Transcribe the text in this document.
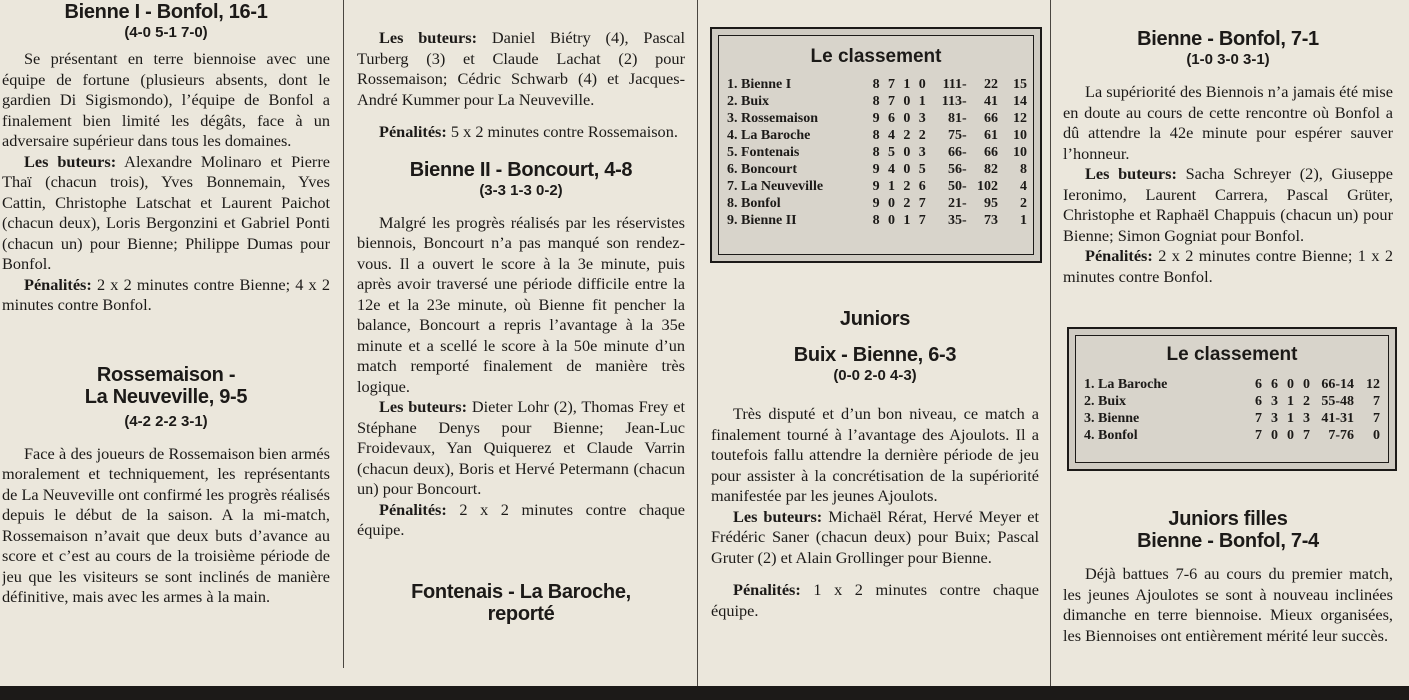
Bienne I - Bonfol, 16-1
(4-0 5-1 7-0)

Se présentant en terre biennoise avec une équipe de fortune (plusieurs absents, dont le gardien Di Sigismondo), l’équipe de Bonfol a finalement bien limité les dégâts, face à un adversaire supérieur dans tous les domaines.

Les buteurs: Alexandre Molinaro et Pierre Thaï (chacun trois), Yves Bonnemain, Yves Cattin, Christophe Latschat et Laurent Paichot (chacun deux), Loris Bergonzini et Gabriel Ponti (chacun un) pour Bienne; Philippe Dumas pour Bonfol.

Pénalités: 2 x 2 minutes contre Bienne; 4 x 2 minutes contre Bonfol.

Rossemaison -
La Neuveville, 9-5
(4-2 2-2 3-1)

Face à des joueurs de Rossemaison bien armés moralement et techniquement, les représentants de La Neuveville ont confirmé les progrès réalisés depuis le début de la saison. A la mi-match, Rossemaison n’avait que deux buts d’avance au score et c’est au cours de la troisième période de jeu que les visiteurs se sont inclinés de manière définitive, mais avec les armes à la main.

Les buteurs: Daniel Biétry (4), Pascal Turberg (3) et Claude Lachat (2) pour Rossemaison; Cédric Schwarb (4) et Jacques-André Kummer pour La Neuveville.

Pénalités: 5 x 2 minutes contre Rossemaison.

Bienne II - Boncourt, 4-8
(3-3 1-3 0-2)

Malgré les progrès réalisés par les réservistes biennois, Boncourt n’a pas manqué son rendez-vous. Il a ouvert le score à la 3e minute, puis après avoir traversé une période difficile entre la 12e et la 23e minute, où Bienne fit pencher la balance, Boncourt a repris l’avantage à la 35e minute et a scellé le score à la 50e minute d’un match remporté finalement de manière très logique.

Les buteurs: Dieter Lohr (2), Thomas Frey et Stéphane Denys pour Bienne; Jean-Luc Froidevaux, Yan Quiquerez et Claude Varrin (chacun deux), Boris et Hervé Petermann (chacun un) pour Boncourt.

Pénalités: 2 x 2 minutes contre chaque équipe.

Fontenais - La Baroche,
reporté
Le classement
1. Bienne I	8	7	1	0	111-	22	15
2. Buix	8	7	0	1	113-	41	14
3. Rossemaison	9	6	0	3	81-	66	12
4. La Baroche	8	4	2	2	75-	61	10
5. Fontenais	8	5	0	3	66-	66	10
6. Boncourt	9	4	0	5	56-	82	8
7. La Neuveville	9	1	2	6	50-	102	4
8. Bonfol	9	0	2	7	21-	95	2
9. Bienne II	8	0	1	7	35-	73	1
Juniors
Buix - Bienne, 6-3
(0-0 2-0 4-3)

Très disputé et d’un bon niveau, ce match a finalement tourné à l’avantage des Ajoulots. Il a toutefois fallu attendre la dernière période de jeu pour assister à la concrétisation de la supériorité manifestée par les jeunes Ajoulots.

Les buteurs: Michaël Rérat, Hervé Meyer et Frédéric Saner (chacun deux) pour Buix; Pascal Gruter (2) et Alain Grollinger pour Bienne.

Pénalités: 1 x 2 minutes contre chaque équipe.

Bienne - Bonfol, 7-1
(1-0 3-0 3-1)

La supériorité des Biennois n’a jamais été mise en doute au cours de cette rencontre où Bonfol a dû attendre la 42e minute pour espérer sauver l’honneur.

Les buteurs: Sacha Schreyer (2), Giuseppe Ieronimo, Laurent Carrera, Pascal Grüter, Christophe et Raphaël Chappuis (chacun un) pour Bienne; Simon Gogniat pour Bonfol.

Pénalités: 2 x 2 minutes contre Bienne; 1 x 2 minutes contre Bonfol.

Le classement
1. La Baroche	6	6	0	0	66-14	12
2. Buix	6	3	1	2	55-48	7
3. Bienne	7	3	1	3	41-31	7
4. Bonfol	7	0	0	7	7-76	0
Juniors filles
Bienne - Bonfol, 7-4

Déjà battues 7-6 au cours du premier match, les jeunes Ajoulotes se sont à nouveau inclinées dimanche en terre biennoise. Mieux organisées, les Biennoises ont entièrement mérité leur succès.
